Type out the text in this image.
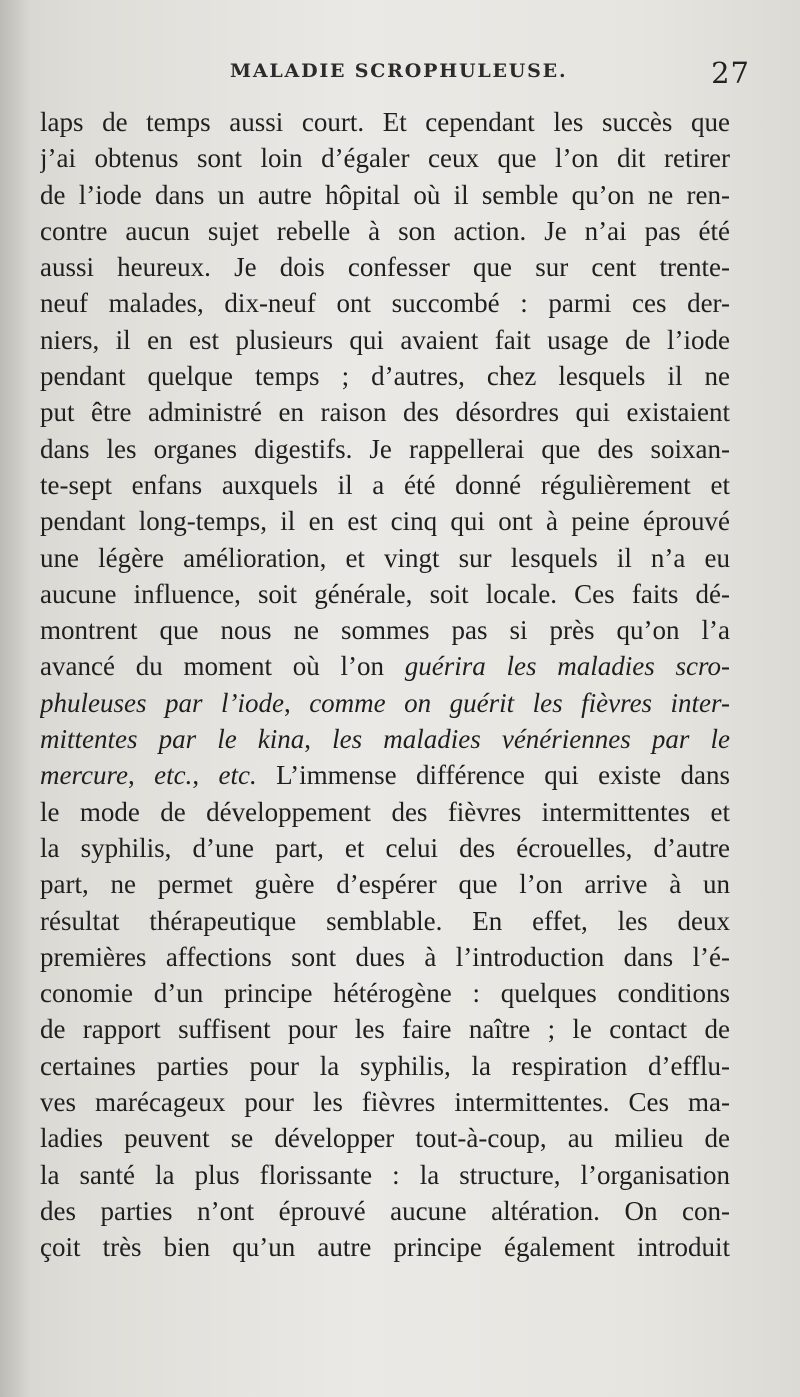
MALADIE SCROPHULEUSE.	27
laps de temps aussi court. Et cependant les succès que
j’ai obtenus sont loin d’égaler ceux que l’on dit retirer
de l’iode dans un autre hôpital où il semble qu’on ne ren-
contre aucun sujet rebelle à son action. Je n’ai pas été
aussi heureux. Je dois confesser que sur cent trente-
neuf malades, dix-neuf ont succombé : parmi ces der-
niers, il en est plusieurs qui avaient fait usage de l’iode
pendant quelque temps ; d’autres, chez lesquels il ne
put être administré en raison des désordres qui existaient
dans les organes digestifs. Je rappellerai que des soixan-
te-sept enfans auxquels il a été donné régulièrement et
pendant long-temps, il en est cinq qui ont à peine éprouvé
une légère amélioration, et vingt sur lesquels il n’a eu
aucune influence, soit générale, soit locale. Ces faits dé-
montrent que nous ne sommes pas si près qu’on l’a
avancé du moment où l’on guérira les maladies scro-
phuleuses par l’iode, comme on guérit les fièvres inter-
mittentes par le kina, les maladies vénériennes par le
mercure, etc., etc. L’immense différence qui existe dans
le mode de développement des fièvres intermittentes et
la syphilis, d’une part, et celui des écrouelles, d’autre
part, ne permet guère d’espérer que l’on arrive à un
résultat thérapeutique semblable. En effet, les deux
premières affections sont dues à l’introduction dans l’é-
conomie d’un principe hétérogène : quelques conditions
de rapport suffisent pour les faire naître ; le contact de
certaines parties pour la syphilis, la respiration d’efflu-
ves marécageux pour les fièvres intermittentes. Ces ma-
ladies peuvent se développer tout-à-coup, au milieu de
la santé la plus florissante : la structure, l’organisation
des parties n’ont éprouvé aucune altération. On con-
çoit très bien qu’un autre principe également introduit
